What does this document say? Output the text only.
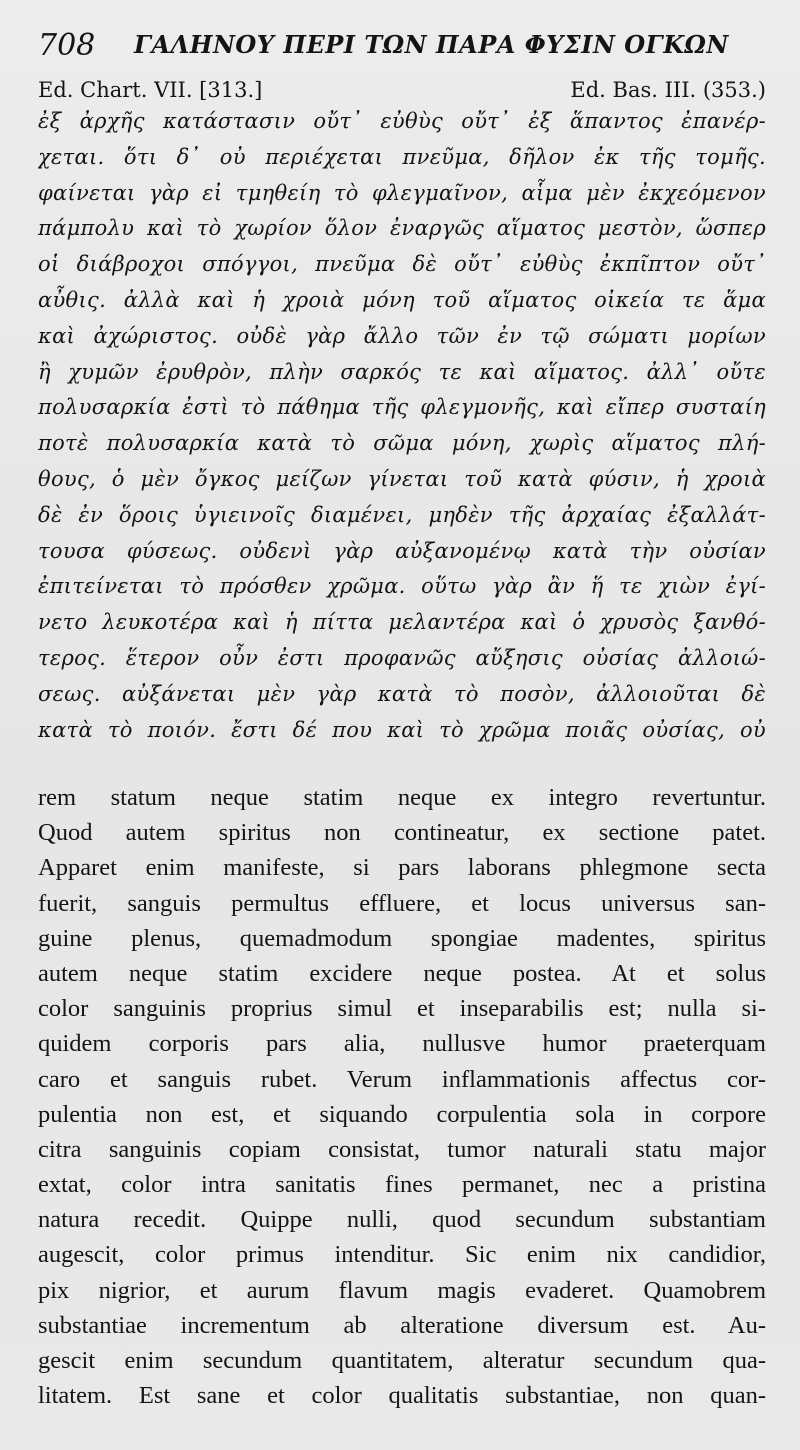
708 ΓΑΛΗΝΟΥ ΠΕΡΙ ΤΩΝ ΠΑΡΑ ΦΥΣΙΝ ΟΓΚΩΝ
Ed. Chart. VII. [313.]	Ed. Bas. III. (353.)
ἐξ ἀρχῆς κατάστασιν οὔτ᾽ εὐθὺς οὔτ᾽ ἐξ ἅπαντος ἐπανέρ-
χεται. ὅτι δ᾽ οὐ περιέχεται πνεῦμα, δῆλον ἐκ τῆς τομῆς.
φαίνεται γὰρ εἰ τμηθείη τὸ φλεγμαῖνον, αἷμα μὲν ἐκχεόμενον
πάμπολυ καὶ τὸ χωρίον ὅλον ἐναργῶς αἵματος μεστὸν, ὥσπερ
οἱ διάβροχοι σπόγγοι, πνεῦμα δὲ οὔτ᾽ εὐθὺς ἐκπῖπτον οὔτ᾽
αὖθις. ἀλλὰ καὶ ἡ χροιὰ μόνη τοῦ αἵματος οἰκεία τε ἅμα
καὶ ἀχώριστος. οὐδὲ γὰρ ἄλλο τῶν ἐν τῷ σώματι μορίων
ἢ χυμῶν ἐρυθρὸν, πλὴν σαρκός τε καὶ αἵματος. ἀλλ᾽ οὔτε
πολυσαρκία ἐστὶ τὸ πάθημα τῆς φλεγμονῆς, καὶ εἴπερ συσταίη
ποτὲ πολυσαρκία κατὰ τὸ σῶμα μόνη, χωρὶς αἵματος πλή-
θους, ὁ μὲν ὄγκος μείζων γίνεται τοῦ κατὰ φύσιν, ἡ χροιὰ
δὲ ἐν ὅροις ὑγιεινοῖς διαμένει, μηδὲν τῆς ἀρχαίας ἐξαλλάτ-
τουσα φύσεως. οὐδενὶ γὰρ αὐξανομένῳ κατὰ τὴν οὐσίαν
ἐπιτείνεται τὸ πρόσθεν χρῶμα. οὕτω γὰρ ἂν ἥ τε χιὼν ἐγί-
νετο λευκοτέρα καὶ ἡ πίττα μελαντέρα καὶ ὁ χρυσὸς ξανθό-
τερος. ἕτερον οὖν ἐστι προφανῶς αὔξησις οὐσίας ἀλλοιώ-
σεως. αὐξάνεται μὲν γὰρ κατὰ τὸ ποσὸν, ἀλλοιοῦται δὲ
κατὰ τὸ ποιόν. ἔστι δέ που καὶ τὸ χρῶμα ποιᾶς οὐσίας, οὐ
rem statum neque statim neque ex integro revertuntur.
Quod autem spiritus non contineatur, ex sectione patet.
Apparet enim manifeste, si pars laborans phlegmone secta
fuerit, sanguis permultus effluere, et locus universus san-
guine plenus, quemadmodum spongiae madentes, spiritus
autem neque statim excidere neque postea. At et solus
color sanguinis proprius simul et inseparabilis est; nulla si-
quidem corporis pars alia, nullusve humor praeterquam
caro et sanguis rubet. Verum inflammationis affectus cor-
pulentia non est, et siquando corpulentia sola in corpore
citra sanguinis copiam consistat, tumor naturali statu major
extat, color intra sanitatis fines permanet, nec a pristina
natura recedit. Quippe nulli, quod secundum substantiam
augescit, color primus intenditur. Sic enim nix candidior,
pix nigrior, et aurum flavum magis evaderet. Quamobrem
substantiae incrementum ab alteratione diversum est. Au-
gescit enim secundum quantitatem, alteratur secundum qua-
litatem. Est sane et color qualitatis substantiae, non quan-
